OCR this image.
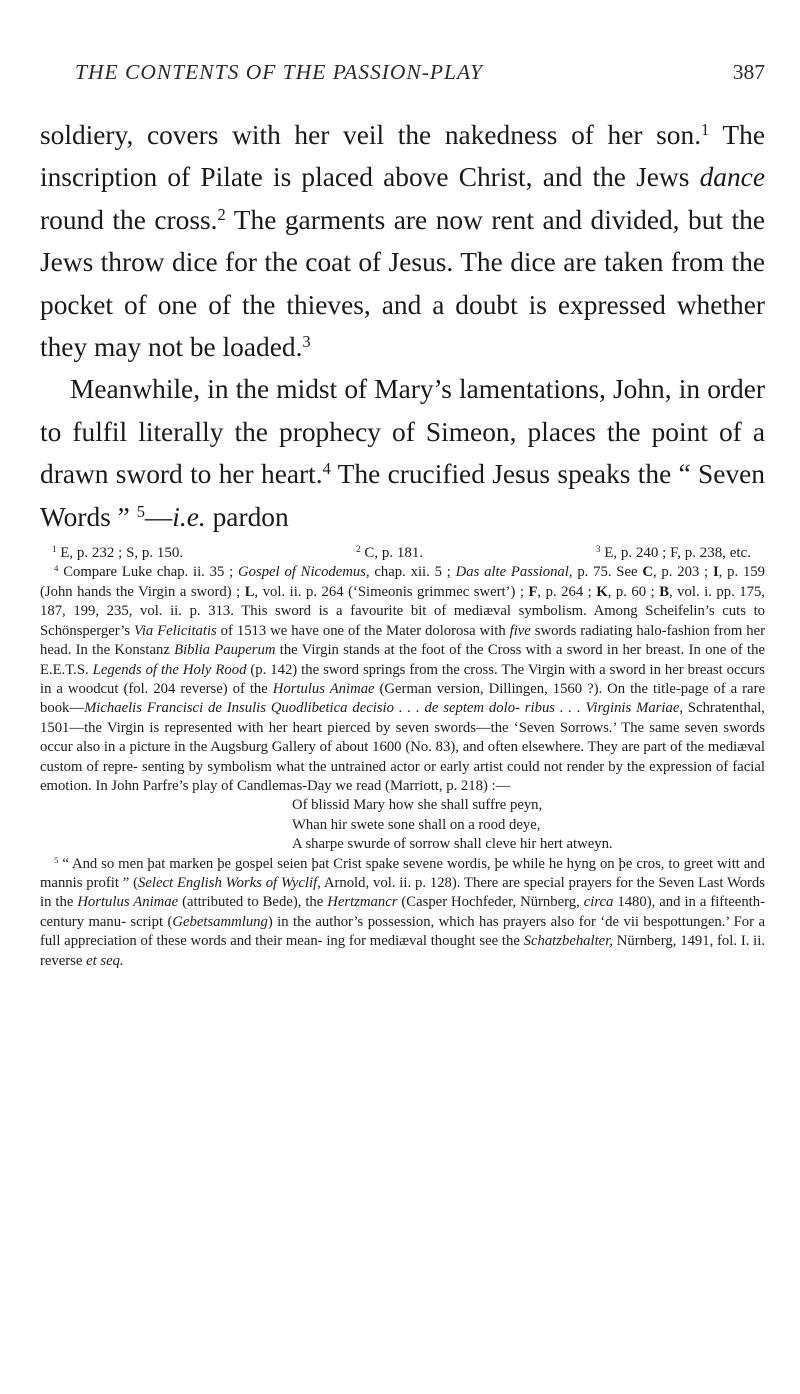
THE CONTENTS OF THE PASSION-PLAY	387

soldiery, covers with her veil the nakedness of her son.$^1$ The inscription of Pilate is placed above Christ, and the Jews dance round the cross.$^2$ The garments are now rent and divided, but the Jews throw dice for the coat of Jesus. The dice are taken from the pocket of one of the thieves, and a doubt is expressed whether they may not be loaded.$^3$

Meanwhile, in the midst of Mary’s lamentations, John, in order to fulfil literally the prophecy of Simeon, places the point of a drawn sword to her heart.$^4$ The crucified Jesus speaks the “ Seven Words ” $^5$—i.e. pardon

$^1$ E, p. 232 ; S, p. 150.	$^2$ C, p. 181.	$^3$ E, p. 240 ; F, p. 238, etc.

$^4$ Compare Luke chap. ii. 35 ; Gospel of Nicodemus, chap. xii. 5 ; Das alte Passional, p. 75. See C, p. 203 ; I, p. 159 (John hands the Virgin a sword) ; L, vol. ii. p. 264 (‘Simeonis grimmec swert’) ; F, p. 264 ; K, p. 60 ; B, vol. i. pp. 175, 187, 199, 235, vol. ii. p. 313. This sword is a favourite bit of mediæval symbolism. Among Scheifelin’s cuts to Schönsperger’s Via Felicitatis of 1513 we have one of the Mater dolorosa with five swords radiating halo-fashion from her head. In the Konstanz Biblia Pauperum the Virgin stands at the foot of the Cross with a sword in her breast. In one of the E.E.T.S. Legends of the Holy Rood (p. 142) the sword springs from the cross. The Virgin with a sword in her breast occurs in a woodcut (fol. 204 reverse) of the Hortulus Animae (German version, Dillingen, 1560 ?). On the title-page of a rare book—Michaelis Francisci de Insulis Quodlibetica decisio . . . de septem dolo- ribus . . . Virginis Mariae, Schratenthal, 1501—the Virgin is represented with her heart pierced by seven swords—the ‘Seven Sorrows.’ The same seven swords occur also in a picture in the Augsburg Gallery of about 1600 (No. 83), and often elsewhere. They are part of the mediæval custom of repre- senting by symbolism what the untrained actor or early artist could not render by the expression of facial emotion. In John Parfre’s play of Candlemas-Day we read (Marriott, p. 218) :—

Of blissid Mary how she shall suffre peyn,
Whan hir swete sone shall on a rood deye,
A sharpe swurde of sorrow shall cleve hir hert atweyn.

$^5$ “ And so men þat marken þe gospel seien þat Crist spake sevene wordis, þe while he hyng on þe cros, to greet witt and mannis profit ” (Select English Works of Wyclif, Arnold, vol. ii. p. 128). There are special prayers for the Seven Last Words in the Hortulus Animae (attributed to Bede), the Hertzmancr (Casper Hochfeder, Nürnberg, circa 1480), and in a fifteenth-century manu- script (Gebetsammlung) in the author’s possession, which has prayers also for ‘de vii bespottungen.’ For a full appreciation of these words and their mean- ing for mediæval thought see the Schatzbehalter, Nürnberg, 1491, fol. I. ii. reverse et seq.
